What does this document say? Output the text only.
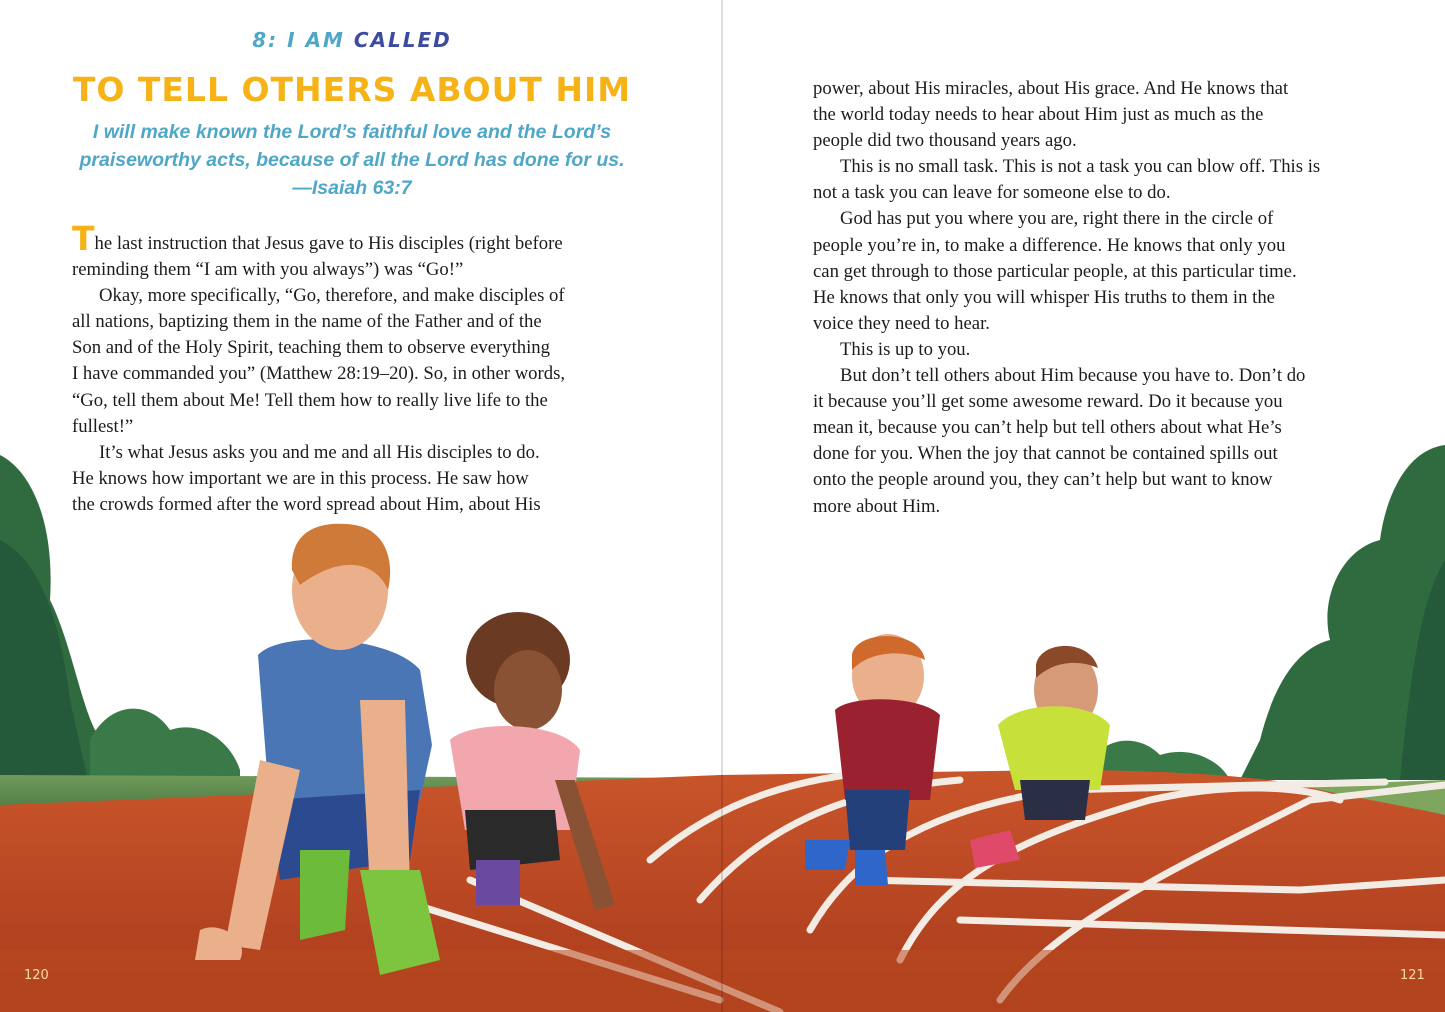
8: I AM CALLED
TO TELL OTHERS ABOUT HIM
I will make known the Lord’s faithful love and the Lord’s
praiseworthy acts, because of all the Lord has done for us.
—Isaiah 63:7
The last instruction that Jesus gave to His disciples (right before
reminding them “I am with you always”) was “Go!”
Okay, more specifically, “Go, therefore, and make disciples of
all nations, baptizing them in the name of the Father and of the
Son and of the Holy Spirit, teaching them to observe everything
I have commanded you” (Matthew 28:19–20). So, in other words,
“Go, tell them about Me! Tell them how to really live life to the
fullest!”
It’s what Jesus asks you and me and all His disciples to do.
He knows how important we are in this process. He saw how
the crowds formed after the word spread about Him, about His
power, about His miracles, about His grace. And He knows that
the world today needs to hear about Him just as much as the
people did two thousand years ago.
This is no small task. This is not a task you can blow off. This is
not a task you can leave for someone else to do.
God has put you where you are, right there in the circle of
people you’re in, to make a difference. He knows that only you
can get through to those particular people, at this particular time.
He knows that only you will whisper His truths to them in the
voice they need to hear.
This is up to you.
But don’t tell others about Him because you have to. Don’t do
it because you’ll get some awesome reward. Do it because you
mean it, because you can’t help but tell others about what He’s
done for you. When the joy that cannot be contained spills out
onto the people around you, they can’t help but want to know
more about Him.
120	121
